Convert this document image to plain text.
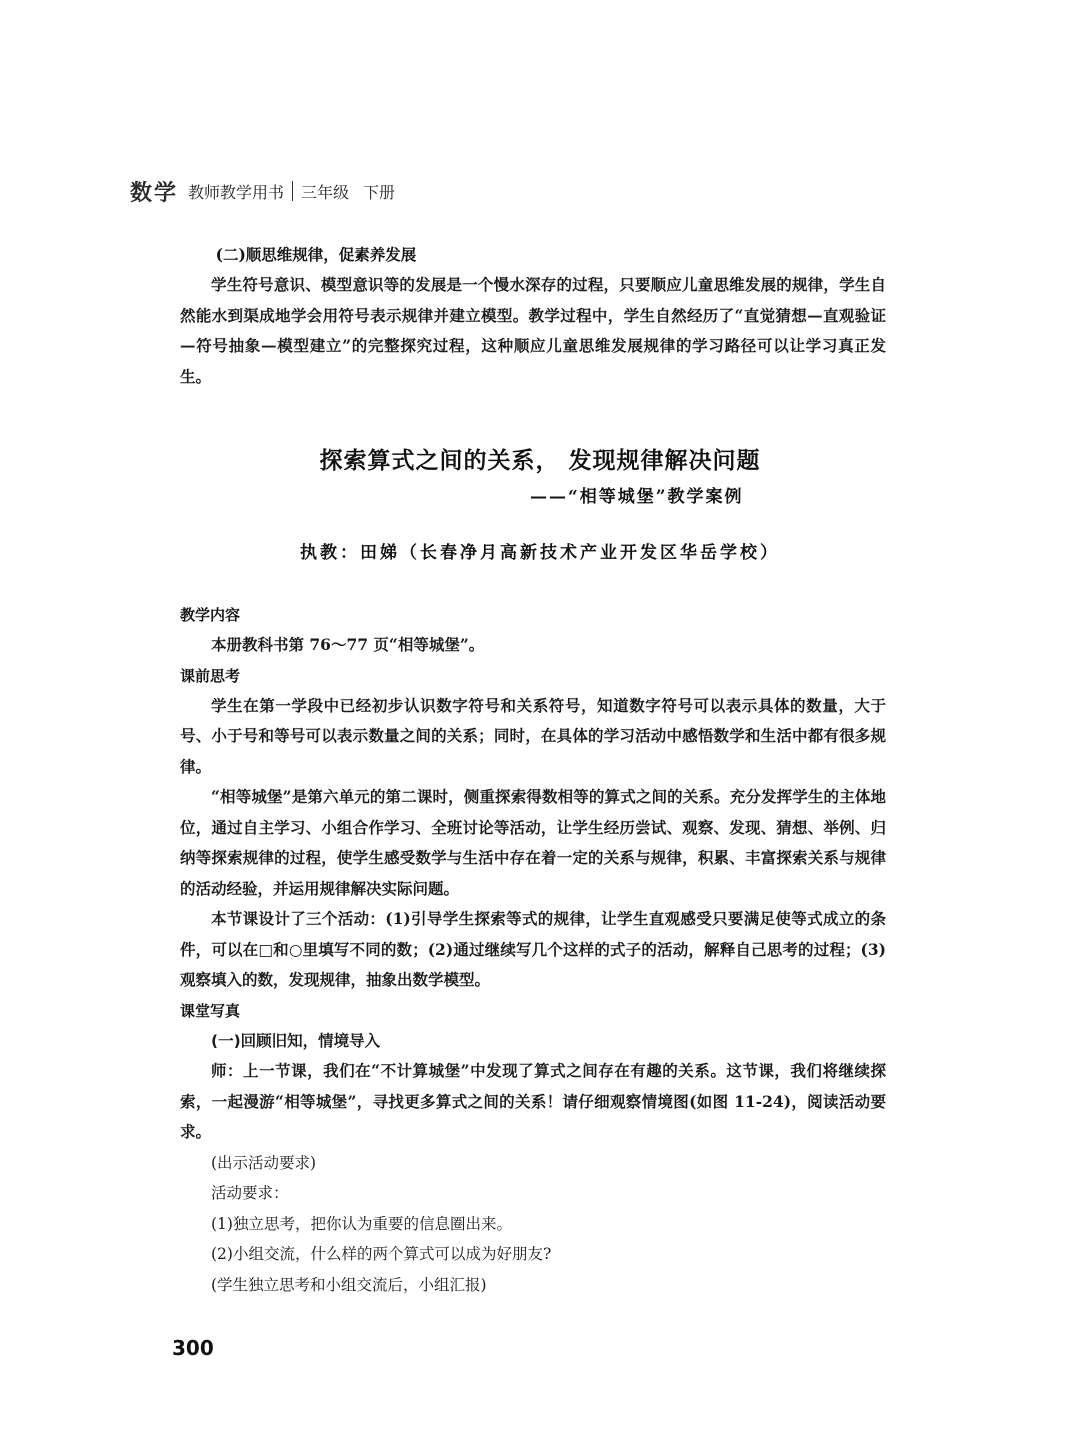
数学 教师教学用书 三年级 下册

(二)顺思维规律，促素养发展

学生符号意识、模型意识等的发展是一个慢水深存的过程，只要顺应儿童思维发展的规律，学生自然能水到渠成地学会用符号表示规律并建立模型。教学过程中，学生自然经历了“直觉猜想—直观验证—符号抽象—模型建立”的完整探究过程，这种顺应儿童思维发展规律的学习路径可以让学习真正发生。

探索算式之间的关系， 发现规律解决问题
——“相等城堡”教学案例
执教：田娣（长春净月高新技术产业开发区华岳学校）

教学内容

本册教科书第 76～77 页“相等城堡”。

课前思考

学生在第一学段中已经初步认识数字符号和关系符号，知道数字符号可以表示具体的数量，大于号、小于号和等号可以表示数量之间的关系；同时，在具体的学习活动中感悟数学和生活中都有很多规律。

“相等城堡”是第六单元的第二课时，侧重探索得数相等的算式之间的关系。充分发挥学生的主体地位，通过自主学习、小组合作学习、全班讨论等活动，让学生经历尝试、观察、发现、猜想、举例、归纳等探索规律的过程，使学生感受数学与生活中存在着一定的关系与规律，积累、丰富探索关系与规律的活动经验，并运用规律解决实际问题。

本节课设计了三个活动：(1)引导学生探索等式的规律，让学生直观感受只要满足使等式成立的条件，可以在□和○里填写不同的数；(2)通过继续写几个这样的式子的活动，解释自己思考的过程；(3)观察填入的数，发现规律，抽象出数学模型。

课堂写真

(一)回顾旧知，情境导入

师：上一节课，我们在“不计算城堡”中发现了算式之间存在有趣的关系。这节课，我们将继续探索，一起漫游“相等城堡”，寻找更多算式之间的关系！请仔细观察情境图(如图 11-24)，阅读活动要求。

(出示活动要求)

活动要求：

(1)独立思考，把你认为重要的信息圈出来。

(2)小组交流，什么样的两个算式可以成为好朋友?

(学生独立思考和小组交流后，小组汇报)

300
